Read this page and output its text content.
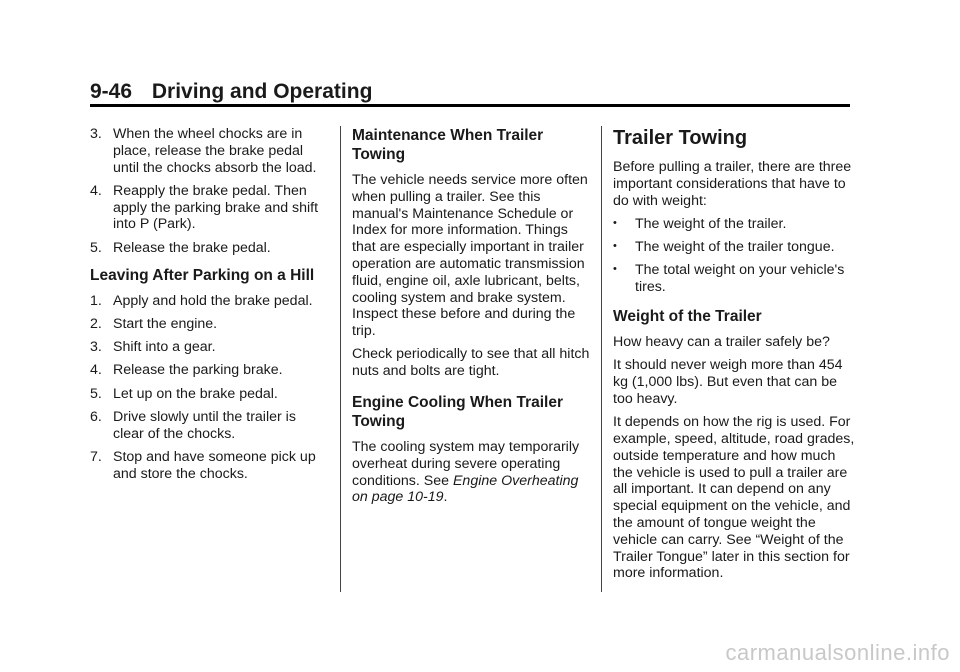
9-46 Driving and Operating
3. When the wheel chocks are in place, release the brake pedal until the chocks absorb the load.
4. Reapply the brake pedal. Then apply the parking brake and shift into P (Park).
5. Release the brake pedal.
Leaving After Parking on a Hill
1. Apply and hold the brake pedal.
2. Start the engine.
3. Shift into a gear.
4. Release the parking brake.
5. Let up on the brake pedal.
6. Drive slowly until the trailer is clear of the chocks.
7. Stop and have someone pick up and store the chocks.
Maintenance When Trailer Towing

The vehicle needs service more often when pulling a trailer. See this manual's Maintenance Schedule or Index for more information. Things that are especially important in trailer operation are automatic transmission fluid, engine oil, axle lubricant, belts, cooling system and brake system. Inspect these before and during the trip.

Check periodically to see that all hitch nuts and bolts are tight.

Engine Cooling When Trailer Towing

The cooling system may temporarily overheat during severe operating conditions. See Engine Overheating on page 10-19.

Trailer Towing

Before pulling a trailer, there are three important considerations that have to do with weight:

•	The weight of the trailer.
•	The weight of the trailer tongue.
•	The total weight on your vehicle's tires.
Weight of the Trailer

How heavy can a trailer safely be?

It should never weigh more than 454 kg (1,000 lbs). But even that can be too heavy.

It depends on how the rig is used. For example, speed, altitude, road grades, outside temperature and how much the vehicle is used to pull a trailer are all important. It can depend on any special equipment on the vehicle, and the amount of tongue weight the vehicle can carry. See “Weight of the Trailer Tongue” later in this section for more information.

carmanualsonline.info
